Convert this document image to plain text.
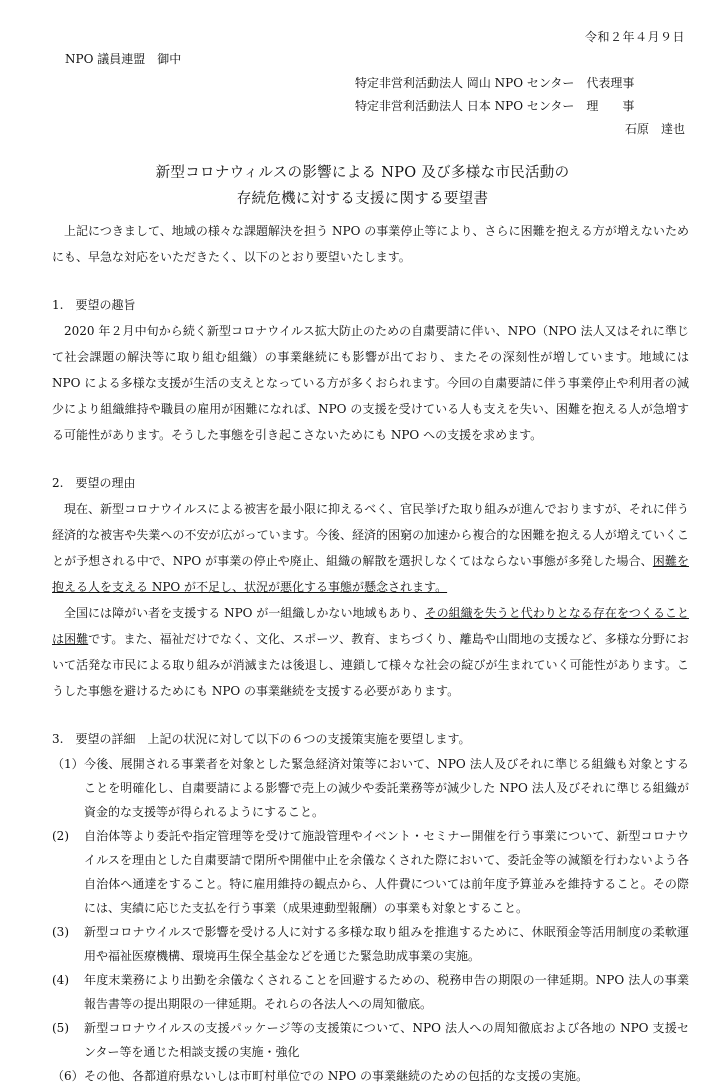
令和２年４月９日
NPO 議員連盟　御中
特定非営利活動法人 岡山 NPO センター　代表理事
特定非営利活動法人 日本 NPO センター　理　　事
石原　達也
新型コロナウィルスの影響による NPO 及び多様な市民活動の
存続危機に対する支援に関する要望書

上記につきまして、地域の様々な課題解決を担う NPO の事業停止等により、さらに困難を抱える方が増えないためにも、早急な対応をいただきたく、以下のとおり要望いたします。

1.　要望の趣旨

2020 年２月中旬から続く新型コロナウイルス拡大防止のための自粛要請に伴い、NPO（NPO 法人又はそれに準じて社会課題の解決等に取り組む組織）の事業継続にも影響が出ており、またその深刻性が増しています。地域には NPO による多様な支援が生活の支えとなっている方が多くおられます。今回の自粛要請に伴う事業停止や利用者の減少により組織維持や職員の雇用が困難になれば、NPO の支援を受けている人も支えを失い、困難を抱える人が急増する可能性があります。そうした事態を引き起こさないためにも NPO への支援を求めます。

2.　要望の理由

現在、新型コロナウイルスによる被害を最小限に抑えるべく、官民挙げた取り組みが進んでおりますが、それに伴う経済的な被害や失業への不安が広がっています。今後、経済的困窮の加速から複合的な困難を抱える人が増えていくことが予想される中で、NPO が事業の停止や廃止、組織の解散を選択しなくてはならない事態が多発した場合、困難を抱える人を支える NPO が不足し、状況が悪化する事態が懸念されます。

全国には障がい者を支援する NPO が一組織しかない地域もあり、その組織を失うと代わりとなる存在をつくることは困難です。また、福祉だけでなく、文化、スポーツ、教育、まちづくり、離島や山間地の支援など、多様な分野において活発な市民による取り組みが消滅または後退し、連鎖して様々な社会の綻びが生まれていく可能性があります。こうした事態を避けるためにも NPO の事業継続を支援する必要があります。

3.　要望の詳細　上記の状況に対して以下の６つの支援策実施を要望します。

（1） 今後、展開される事業者を対象とした緊急経済対策等において、NPO 法人及びそれに準じる組織も対象とすることを明確化し、自粛要請による影響で売上の減少や委託業務等が減少した NPO 法人及びそれに準じる組織が資金的な支援等が得られるようにすること。
(2)	自治体等より委託や指定管理等を受けて施設管理やイベント・セミナー開催を行う事業について、新型コロナウイルスを理由とした自粛要請で閉所や開催中止を余儀なくされた際において、委託金等の減額を行わないよう各自治体へ通達をすること。特に雇用維持の観点から、人件費については前年度予算並みを維持すること。その際には、実績に応じた支払を行う事業（成果連動型報酬）の事業も対象とすること。
(3)	新型コロナウイルスで影響を受ける人に対する多様な取り組みを推進するために、休眠預金等活用制度の柔軟運用や福祉医療機構、環境再生保全基金などを通じた緊急助成事業の実施。
(4)	年度末業務により出勤を余儀なくされることを回避するための、税務申告の期限の一律延期。NPO 法人の事業報告書等の提出期限の一律延期。それらの各法人への周知徹底。
(5)	新型コロナウイルスの支援パッケージ等の支援策について、NPO 法人への周知徹底および各地の NPO 支援センター等を通じた相談支援の実施・強化
（6） その他、各都道府県ないしは市町村単位での NPO の事業継続のための包括的な支援の実施。
